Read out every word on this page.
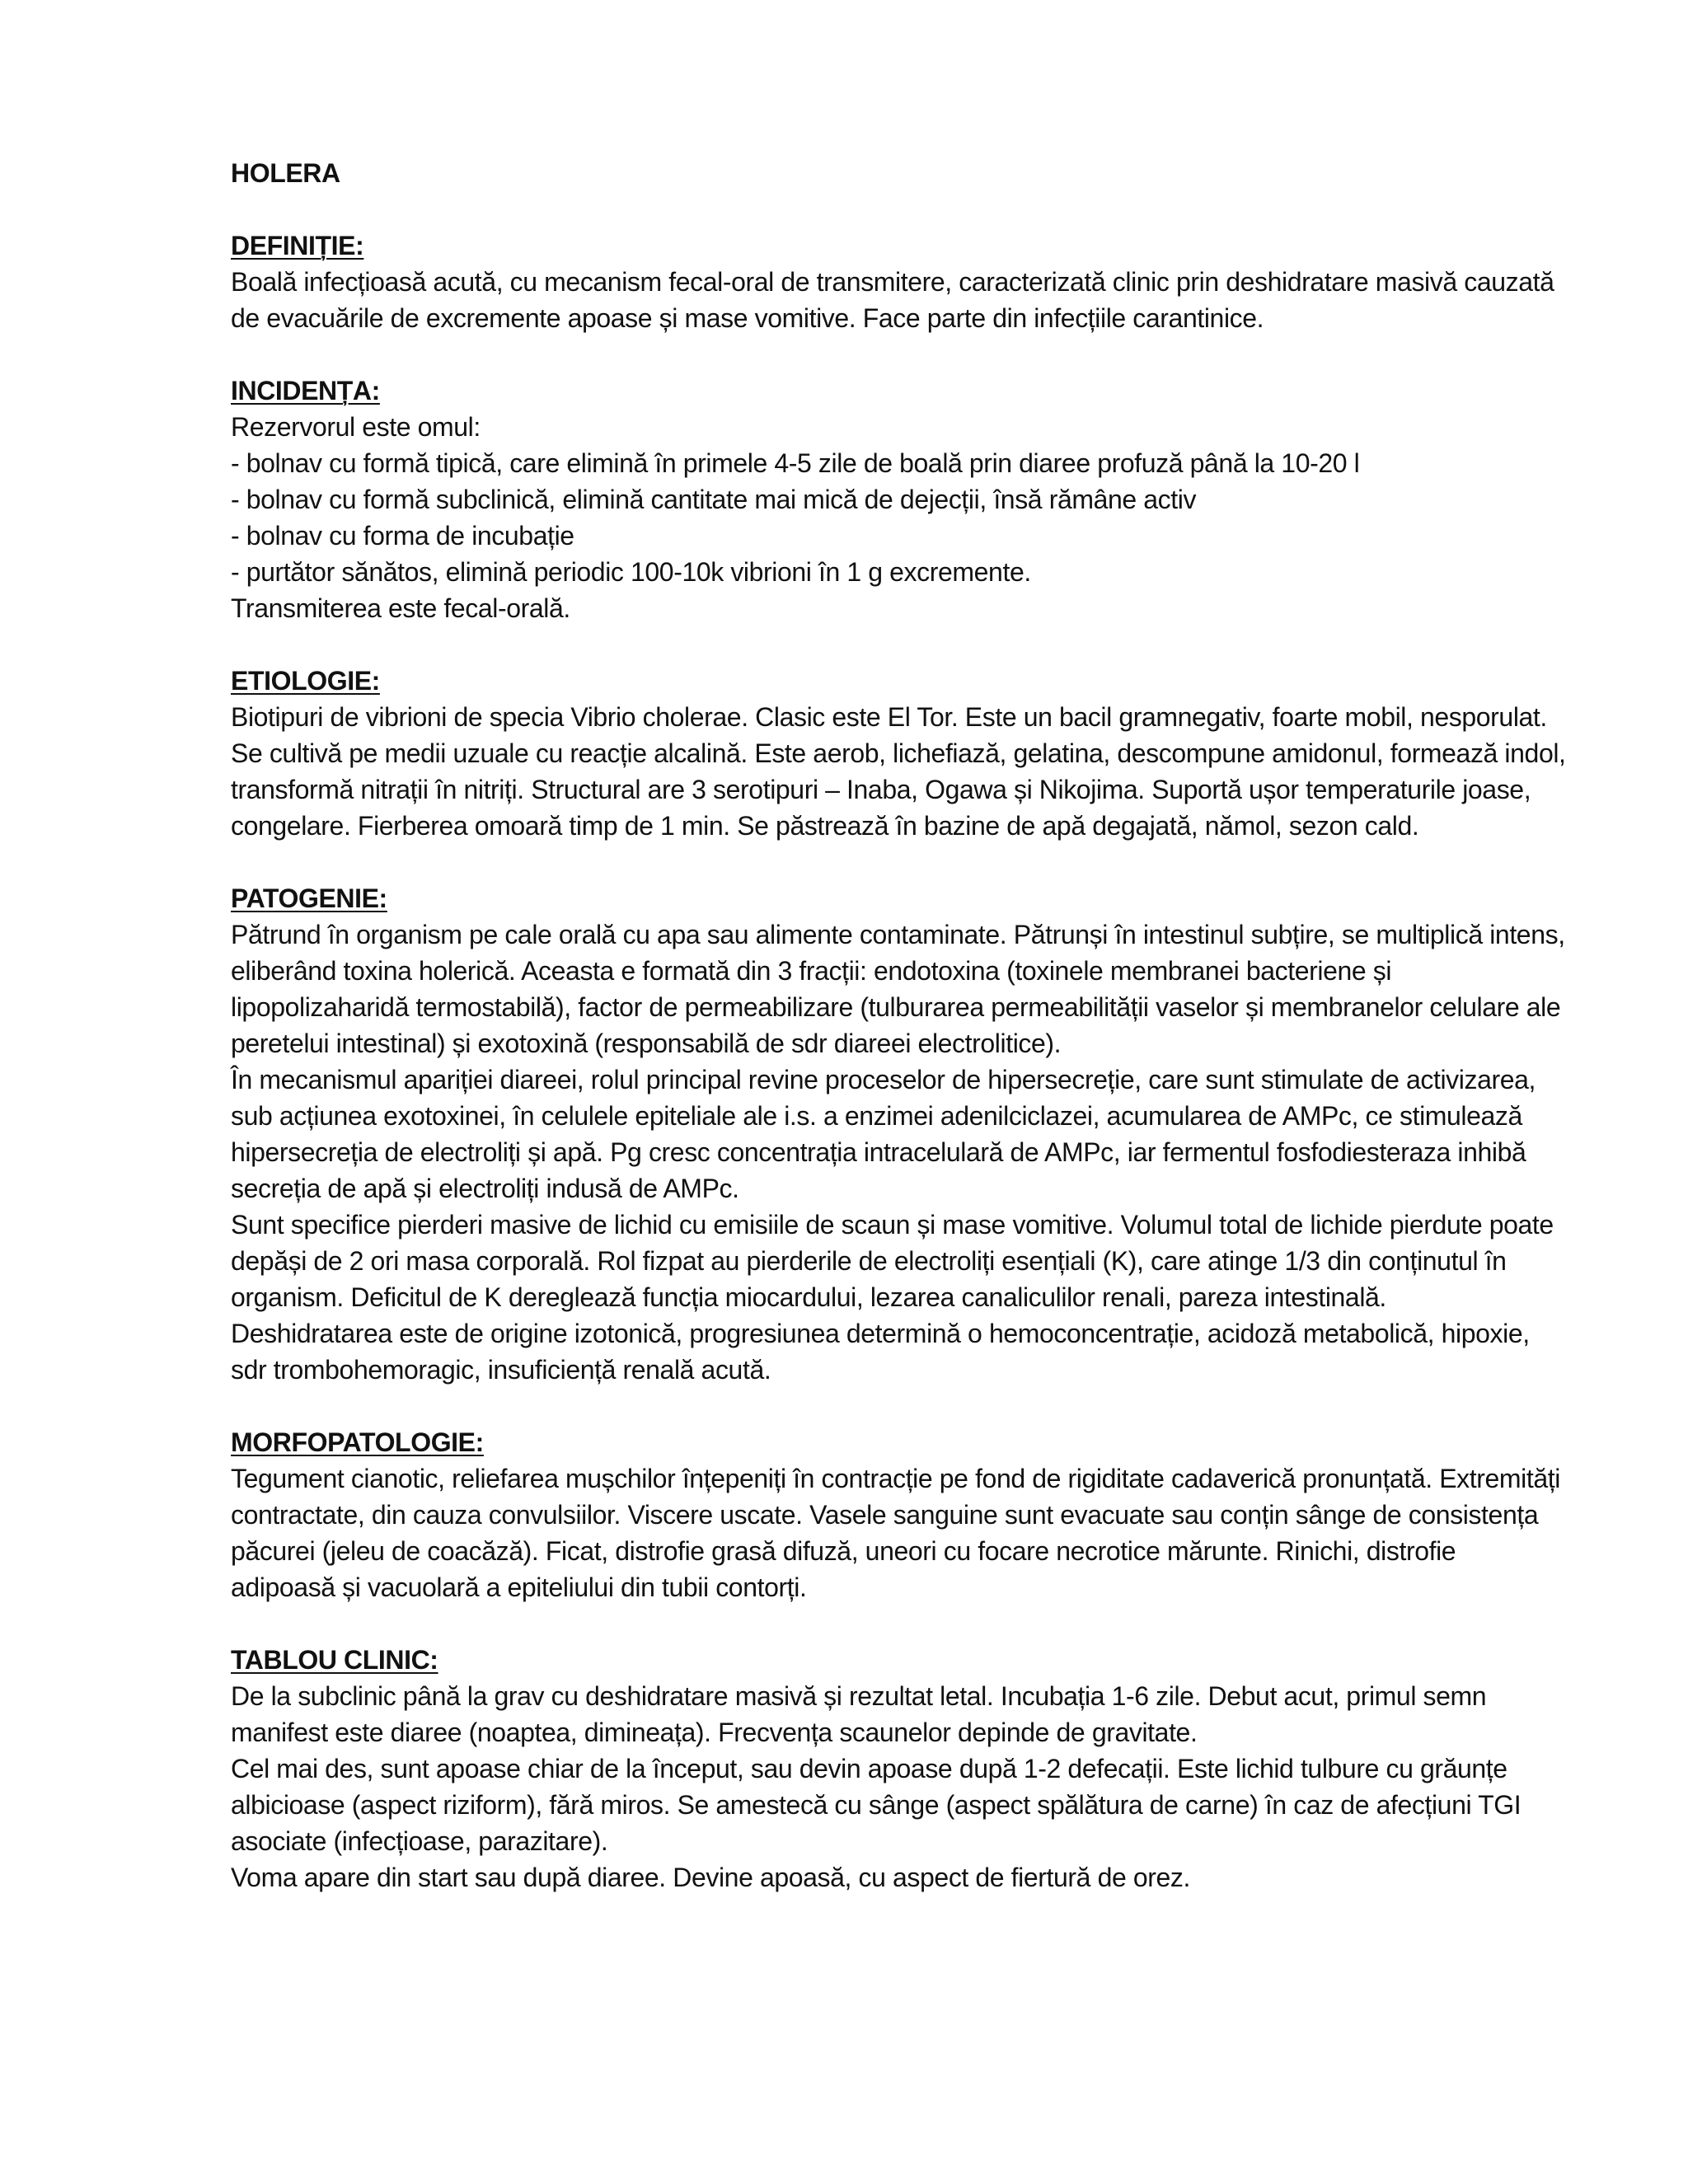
HOLERA
DEFINIȚIE:

Boală infecțioasă acută, cu mecanism fecal-oral de transmitere, caracterizată clinic prin deshidratare masivă cauzată de evacuările de excremente apoase și mase vomitive. Face parte din infecțiile carantinice.

INCIDENȚA:
Rezervorul este omul:
- bolnav cu formă tipică, care elimină în primele 4-5 zile de boală prin diaree profuză până la 10-20 l
- bolnav cu formă subclinică, elimină cantitate mai mică de dejecții, însă rămâne activ
- bolnav cu forma de incubație
- purtător sănătos, elimină periodic 100-10k vibrioni în 1 g excremente.
Transmiterea este fecal-orală.
ETIOLOGIE:

Biotipuri de vibrioni de specia Vibrio cholerae. Clasic este El Tor. Este un bacil gramnegativ, foarte mobil, nesporulat. Se cultivă pe medii uzuale cu reacție alcalină. Este aerob, lichefiază, gelatina, descompune amidonul, formează indol, transformă nitrații în nitriți. Structural are 3 serotipuri – Inaba, Ogawa și Nikojima. Suportă ușor temperaturile joase, congelare. Fierberea omoară timp de 1 min. Se păstrează în bazine de apă degajată, nămol, sezon cald.

PATOGENIE:

Pătrund în organism pe cale orală cu apa sau alimente contaminate. Pătrunși în intestinul subțire, se multiplică intens, eliberând toxina holerică. Aceasta e formată din 3 fracții: endotoxina (toxinele membranei bacteriene și lipopolizaharidă termostabilă), factor de permeabilizare (tulburarea permeabilității vaselor și membranelor celulare ale peretelui intestinal) și exotoxină (responsabilă de sdr diareei electrolitice).

În mecanismul apariției diareei, rolul principal revine proceselor de hipersecreție, care sunt stimulate de activizarea, sub acțiunea exotoxinei, în celulele epiteliale ale i.s. a enzimei adenilciclazei, acumularea de AMPc, ce stimulează hipersecreția de electroliți și apă. Pg cresc concentrația intracelulară de AMPc, iar fermentul fosfodiesteraza inhibă secreția de apă și electroliți indusă de AMPc.

Sunt specifice pierderi masive de lichid cu emisiile de scaun și mase vomitive. Volumul total de lichide pierdute poate depăși de 2 ori masa corporală. Rol fizpat au pierderile de electroliți esențiali (K), care atinge 1/3 din conținutul în organism. Deficitul de K dereglează funcția miocardului, lezarea canaliculilor renali, pareza intestinală.

Deshidratarea este de origine izotonică, progresiunea determină o hemoconcentrație, acidoză metabolică, hipoxie, sdr trombohemoragic, insuficiență renală acută.

MORFOPATOLOGIE:

Tegument cianotic, reliefarea mușchilor înțepeniți în contracție pe fond de rigiditate cadaverică pronunțată. Extremități contractate, din cauza convulsiilor. Viscere uscate. Vasele sanguine sunt evacuate sau conțin sânge de consistența păcurei (jeleu de coacăză). Ficat, distrofie grasă difuză, uneori cu focare necrotice mărunte. Rinichi, distrofie adipoasă și vacuolară a epiteliului din tubii contorți.

TABLOU CLINIC:

De la subclinic până la grav cu deshidratare masivă și rezultat letal. Incubația 1-6 zile. Debut acut, primul semn manifest este diareе (noaptea, dimineața). Frecvența scaunelor depinde de gravitate.

Cel mai des, sunt apoase chiar de la început, sau devin apoase după 1-2 defecații. Este lichid tulbure cu grăunțe albicioase (aspect riziform), fără miros. Se amestecă cu sânge (aspect spălătura de carne) în caz de afecțiuni TGI asociate (infecțioase, parazitare).

Voma apare din start sau după diaree. Devine apoasă, cu aspect de fiertură de orez.
